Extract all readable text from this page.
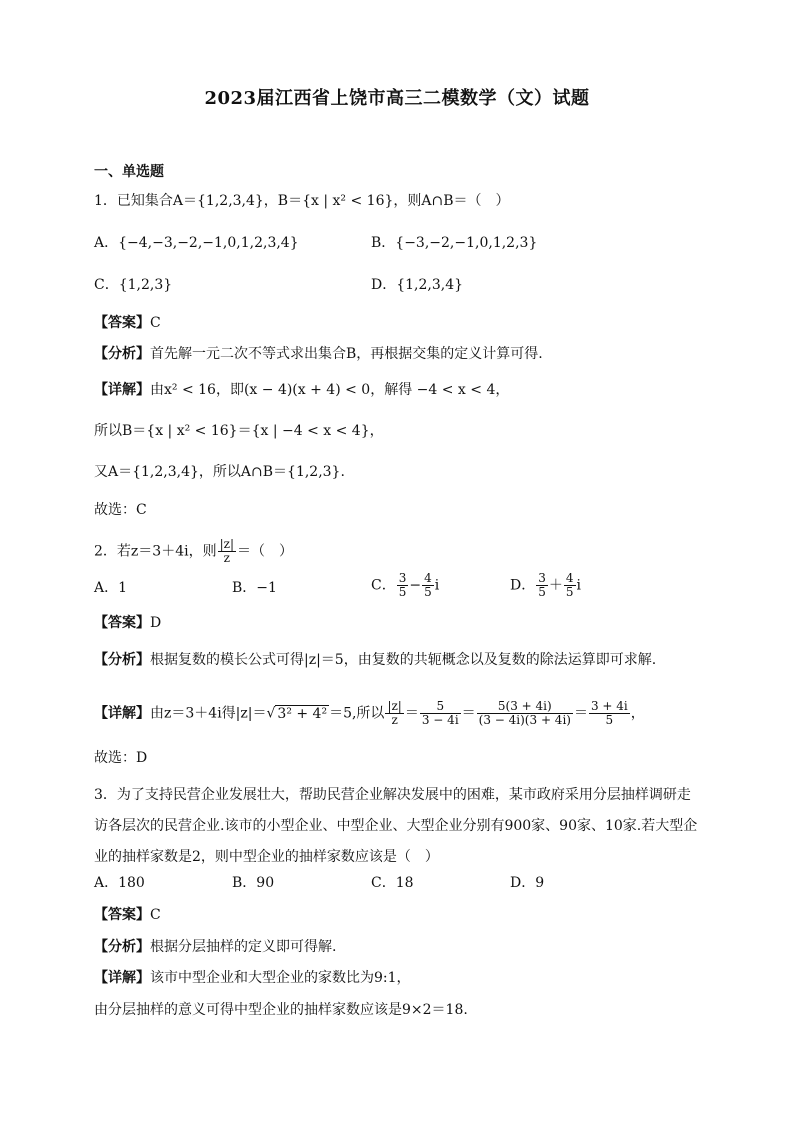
2023届江西省上饶市高三二模数学（文）试题
一、单选题
1．已知集合A＝{1,2,3,4}，B＝{x | x² < 16}，则A∩B＝（　）
A．{−4,−3,−2,−1,0,1,2,3,4}	B．{−3,−2,−1,0,1,2,3}
C．{1,2,3}	D．{1,2,3,4}
【答案】C
【分析】首先解一元二次不等式求出集合B，再根据交集的定义计算可得.
【详解】由x² < 16，即(x − 4)(x + 4) < 0，解得 −4 < x < 4，
所以B＝{x | x² < 16}＝{x | −4 < x < 4}，
又A＝{1,2,3,4}，所以A∩B＝{1,2,3}.
故选：C
2．若z＝3＋4i，则 $\frac{|z|}{z}$ ＝（　）
A．1	B．−1	C． $\frac{3}{5} - \frac{4}{5}$ i	D． $\frac{3}{5} + \frac{4}{5}$ i
【答案】D
【分析】根据复数的模长公式可得|z|＝5，由复数的共轭概念以及复数的除法运算即可求解.
【详解】由z＝3＋4i得|z|＝√ 3² + 4² ＝5,所以 $\frac{|z|}{z} = \frac{5}{3 - 4i} = \frac{5(3 + 4i)}{(3 - 4i)(3 + 4i)} = \frac{3 + 4i}{5}$ ，
故选：D
3．为了支持民营企业发展壮大，帮助民营企业解决发展中的困难，某市政府采用分层抽样调研走访各层次的民营企业.该市的小型企业、中型企业、大型企业分别有900家、90家、10家.若大型企业的抽样家数是2，则中型企业的抽样家数应该是（　）
A．180	B．90	C．18	D．9
【答案】C
【分析】根据分层抽样的定义即可得解.
【详解】该市中型企业和大型企业的家数比为9:1，
由分层抽样的意义可得中型企业的抽样家数应该是9×2＝18.
